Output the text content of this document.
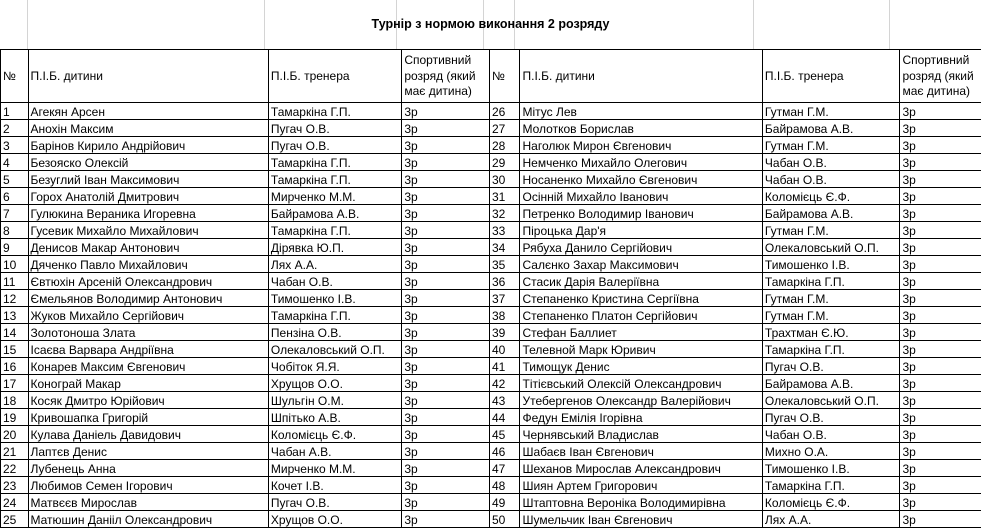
Турнір з нормою виконання 2 розряду
№	П.І.Б. дитини	П.І.Б. тренера	Спортивний розряд (який має дитина)	№	П.І.Б. дитини	П.І.Б. тренера	Спортивний розряд (який має дитина)
1	Агекян Арсен	Тамаркіна Г.П.	3р	26	Мітус Лев	Гутман Г.М.	3р
2	Анохін Максим	Пугач О.В.	3р	27	Молотков Борислав	Байрамова А.В.	3р
3	Барінов Кирило Андрійович	Пугач О.В.	3р	28	Наголюк Мирон Євгенович	Гутман Г.М.	3р
4	Безояско Олексій	Тамаркіна Г.П.	3р	29	Немченко Михайло Олегович	Чабан О.В.	3р
5	Безуглий Іван Максимович	Тамаркіна Г.П.	3р	30	Носаненко Михайло Євгенович	Чабан О.В.	3р
6	Горох Анатолій Дмитрович	Мирченко М.М.	3р	31	Осінній Михайло Іванович	Коломієць Є.Ф.	3р
7	Гулюкина Вераника Игоревна	Байрамова А.В.	3р	32	Петренко Володимир Іванович	Байрамова А.В.	3р
8	Гусевик Михайло Михайлович	Тамаркіна Г.П.	3р	33	Піроцька Дар'я	Гутман Г.М.	3р
9	Денисов Макар Антонович	Дірявка Ю.П.	3р	34	Рябуха Данило Сергійович	Олекаловський О.П.	3р
10	Дяченко Павло Михайлович	Лях А.А.	3р	35	Салєнко Захар Максимович	Тимошенко І.В.	3р
11	Євтюхін Арсеній Олександрович	Чабан О.В.	3р	36	Стасик Дарія Валеріївна	Тамаркіна Г.П.	3р
12	Ємельянов Володимир Антонович	Тимошенко І.В.	3р	37	Степаненко Кристина Сергіївна	Гутман Г.М.	3р
13	Жуков Михайло Сергійович	Тамаркіна Г.П.	3р	38	Степаненко Платон Сергійович	Гутман Г.М.	3р
14	Золотоноша Злата	Пензіна О.В.	3р	39	Стефан Баллиет	Трахтман Є.Ю.	3р
15	Ісаєва Варвара Андріївна	Олекаловський О.П.	3р	40	Телевной Марк Юривич	Тамаркіна Г.П.	3р
16	Конарев Максим Євгенович	Чобіток Я.Я.	3р	41	Тимощук Денис	Пугач О.В.	3р
17	Конограй Макар	Хрущов О.О.	3р	42	Тітієвський Олексій Олександрович	Байрамова А.В.	3р
18	Косяк Дмитро Юрійович	Шульгін О.М.	3р	43	Утебергенов Олександр Валерійович	Олекаловський О.П.	3р
19	Кривошапка Григорій	Шпітько А.В.	3р	44	Федун Емілія Ігорівна	Пугач О.В.	3р
20	Кулава Даніель Давидович	Коломієць Є.Ф.	3р	45	Чернявський Владислав	Чабан О.В.	3р
21	Лаптєв Денис	Чабан А.В.	3р	46	Шабаєв Іван Євгенович	Михно О.А.	3р
22	Лубенець Анна	Мирченко М.М.	3р	47	Шеханов Мирослав Александрович	Тимошенко І.В.	3р
23	Любимов Семен Ігорович	Кочет І.В.	3р	48	Шиян Артем Григорович	Тамаркіна Г.П.	3р
24	Матвєєв Мирослав	Пугач О.В.	3р	49	Штаптовна Вероніка Володимирівна	Коломієць Є.Ф.	3р
25	Матюшин Данііл Олександрович	Хрущов О.О.	3р	50	Шумельчик Іван Євгенович	Лях А.А.	3р
